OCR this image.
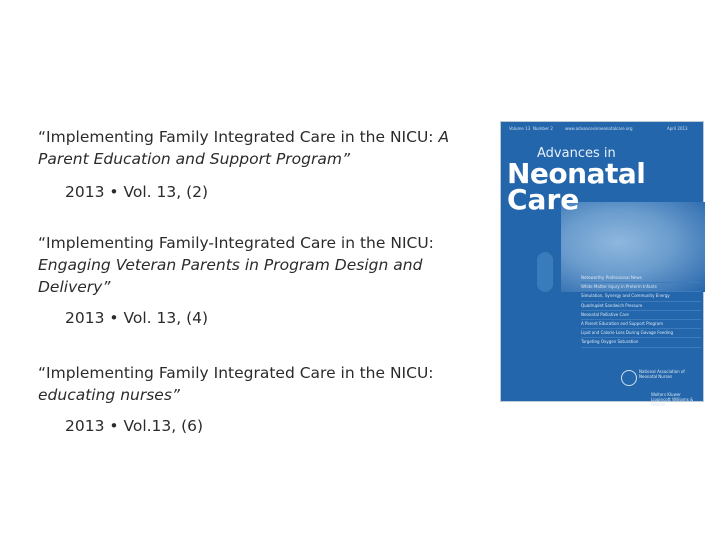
“Implementing Family Integrated Care in the NICU: A Parent Education and Support Program”

2013 • Vol. 13, (2)

“Implementing Family-Integrated Care in the NICU: Engaging Veteran Parents in Program Design and Delivery”

2013 • Vol. 13, (4)

“Implementing Family Integrated Care in the NICU: educating nurses”

2013 • Vol.13, (6)

Volume 13 Number 2	www.advancesinneonatalcare.org	April 2013
Advances in
Neonatal
Care
Noteworthy Professional News
White Matter Injury in Preterm Infants
Simulation, Synergy and Community Energy
Quadruplet Sandwich Pressure
Neonatal Palliative Care
A Parent Education and Support Program
Lipid and Calorie Loss During Gavage Feeding
Targeting Oxygen Saturation
National Association of Neonatal Nurses
Wolters Kluwer Lippincott Williams & Wilkins
